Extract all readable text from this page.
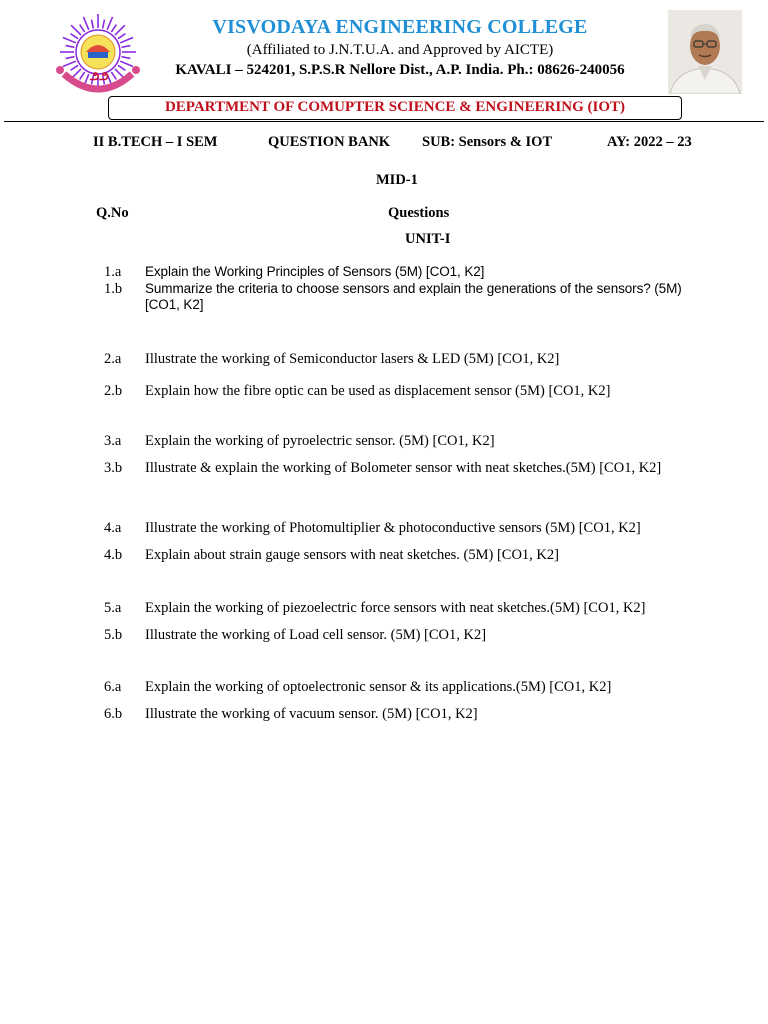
౨౨
VISVODAYA ENGINEERING COLLEGE
(Affiliated to J.N.T.U.A. and Approved by AICTE)
KAVALI – 524201, S.P.S.R Nellore Dist., A.P. India. Ph.: 08626-240056
DEPARTMENT OF COMUPTER SCIENCE & ENGINEERING (IOT)
II B.TECH – I SEM	QUESTION BANK SUB: Sensors & IOT	AY: 2022 – 23
MID-1
Q.No	Questions
UNIT-I
1.a Explain the Working Principles of Sensors (5M) [CO1, K2]
1.b Summarize the criteria to choose sensors and explain the generations of the sensors? (5M) [CO1, K2]
2.a Illustrate the working of Semiconductor lasers & LED (5M) [CO1, K2]
2.b Explain how the fibre optic can be used as displacement sensor (5M) [CO1, K2]
3.a Explain the working of pyroelectric sensor. (5M) [CO1, K2]
3.b Illustrate & explain the working of Bolometer sensor with neat sketches.(5M) [CO1, K2]
4.a Illustrate the working of Photomultiplier & photoconductive sensors (5M) [CO1, K2]
4.b Explain about strain gauge sensors with neat sketches. (5M) [CO1, K2]
5.a Explain the working of piezoelectric force sensors with neat sketches.(5M) [CO1, K2]
5.b Illustrate the working of Load cell sensor. (5M) [CO1, K2]
6.a Explain the working of optoelectronic sensor & its applications.(5M) [CO1, K2]
6.b Illustrate the working of vacuum sensor. (5M) [CO1, K2]
